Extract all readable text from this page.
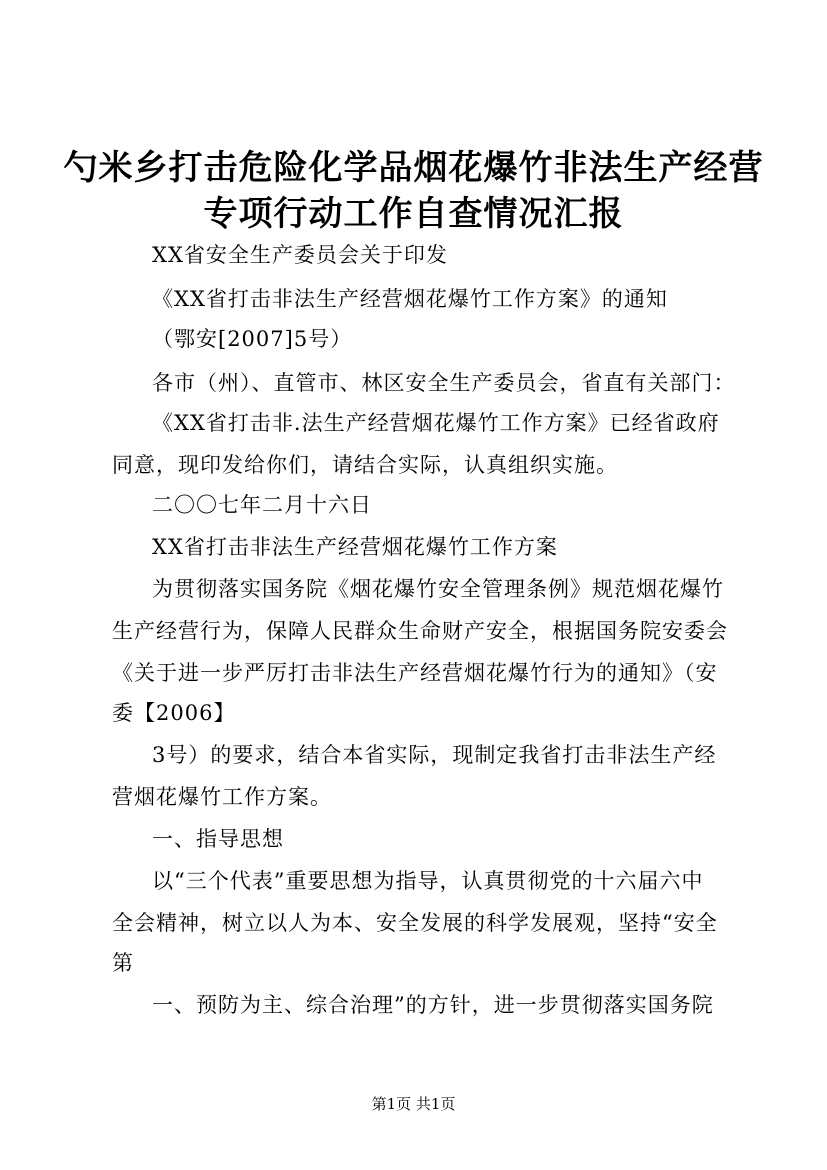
勺米乡打击危险化学品烟花爆竹非法生产经营
专项行动工作自查情况汇报
XX省安全生产委员会关于印发
《XX省打击非法生产经营烟花爆竹工作方案》的通知
（鄂安[2007]5号）
各市（州）、直管市、林区安全生产委员会，省直有关部门：
《XX省打击非.法生产经营烟花爆竹工作方案》已经省政府
同意，现印发给你们，请结合实际，认真组织实施。
二〇〇七年二月十六日
XX省打击非法生产经营烟花爆竹工作方案
为贯彻落实国务院《烟花爆竹安全管理条例》规范烟花爆竹
生产经营行为，保障人民群众生命财产安全，根据国务院安委会
《关于进一步严厉打击非法生产经营烟花爆竹行为的通知》（安
委【2006】
3号）的要求，结合本省实际，现制定我省打击非法生产经
营烟花爆竹工作方案。
一、指导思想
以“三个代表”重要思想为指导，认真贯彻党的十六届六中
全会精神，树立以人为本、安全发展的科学发展观，坚持“安全
第
一、预防为主、综合治理”的方针，进一步贯彻落实国务院
第1页 共1页
